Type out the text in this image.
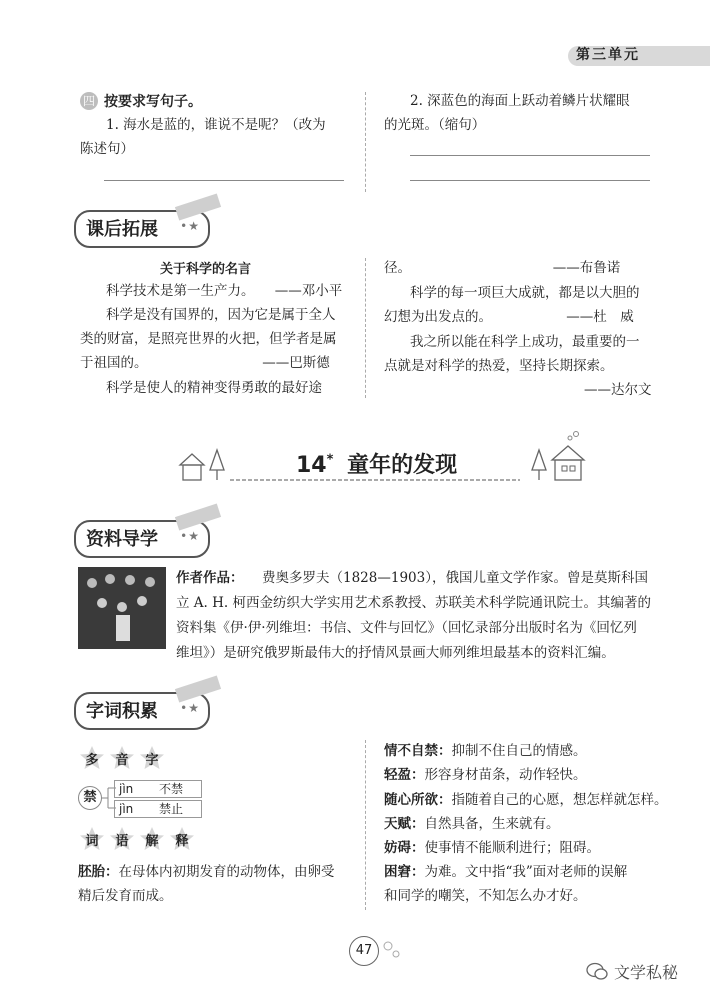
第三单元
四 按要求写句子。
1. 海水是蓝的，谁说不是呢？（改为
陈述句）
2. 深蓝色的海面上跃动着鳞片状耀眼
的光斑。（缩句）
课后拓展 •★
关于科学的名言
科学技术是第一生产力。　　——邓小平
科学是没有国界的，因为它是属于全人
类的财富，是照亮世界的火把，但学者是属
于祖国的。　　　　　　　　　——巴斯德
科学是使人的精神变得勇敢的最好途
径。　　　　　　　　　　　——布鲁诺
科学的每一项巨大成就，都是以大胆的
幻想为出发点的。　　　　　　——杜　威
我之所以能在科学上成功，最重要的一
点就是对科学的热爱，坚持长期探索。
——达尔文
14* 童年的发现
资料导学 •★
作者作品： 费奥多罗夫（1828—1903），俄国儿童文学作家。曾是莫斯科国
立 A. H. 柯西金纺织大学实用艺术系教授、苏联美术科学院通讯院士。其编著的
资料集《伊·伊·列维坦：书信、文件与回忆》（回忆录部分出版时名为《回忆列
维坦》）是研究俄罗斯最伟大的抒情风景画大师列维坦最基本的资料汇编。
字词积累 •★
多	音	字
禁
jìn 不禁
jìn 禁止
词	语	解	释
胚胎：在母体内初期发育的动物体，由卵受
精后发育而成。
情不自禁：抑制不住自己的情感。
轻盈：形容身材苗条，动作轻快。
随心所欲：指随着自己的心愿，想怎样就怎样。
天赋：自然具备，生来就有。
妨碍：使事情不能顺利进行；阻碍。
困窘：为难。文中指“我”面对老师的误解
和同学的嘲笑，不知怎么办才好。
47
文学私秘
